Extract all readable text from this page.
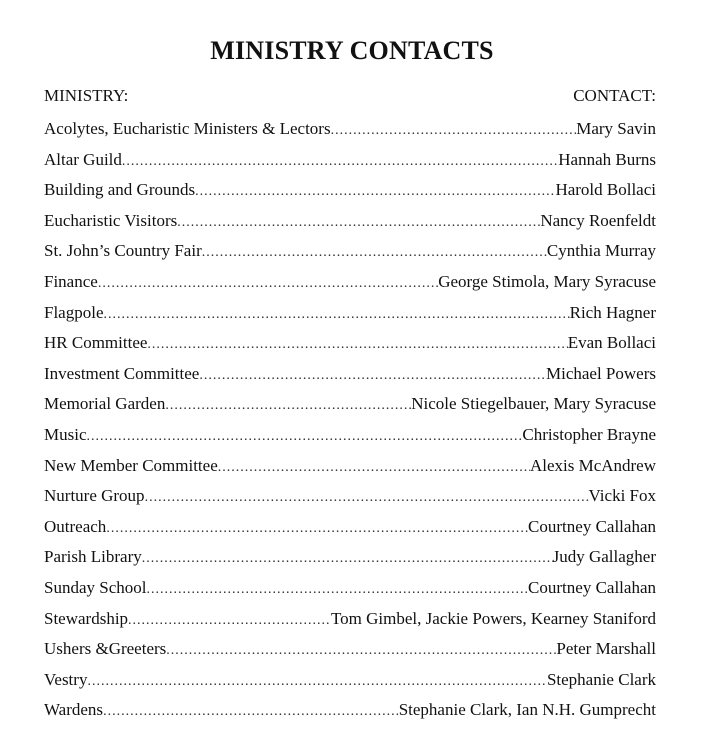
MINISTRY CONTACTS
MINISTRY:	CONTACT:
Acolytes, Eucharistic Ministers & Lectors .....	Mary Savin
Altar Guild .....	Hannah Burns
Building and Grounds .....	Harold Bollaci
Eucharistic Visitors .....	Nancy Roenfeldt
St. John’s Country Fair .....	Cynthia Murray
Finance .....	George Stimola, Mary Syracuse
Flagpole .....	Rich Hagner
HR Committee .....	Evan Bollaci
Investment Committee .....	Michael Powers
Memorial Garden .....	Nicole Stiegelbauer, Mary Syracuse
Music .....	Christopher Brayne
New Member Committee .....	Alexis McAndrew
Nurture Group .....	Vicki Fox
Outreach .....	Courtney Callahan
Parish Library .....	Judy Gallagher
Sunday School .....	Courtney Callahan
Stewardship .....	Tom Gimbel, Jackie Powers, Kearney Staniford
Ushers &Greeters .....	Peter Marshall
Vestry .....	Stephanie Clark
Wardens .....	Stephanie Clark, Ian N.H. Gumprecht
